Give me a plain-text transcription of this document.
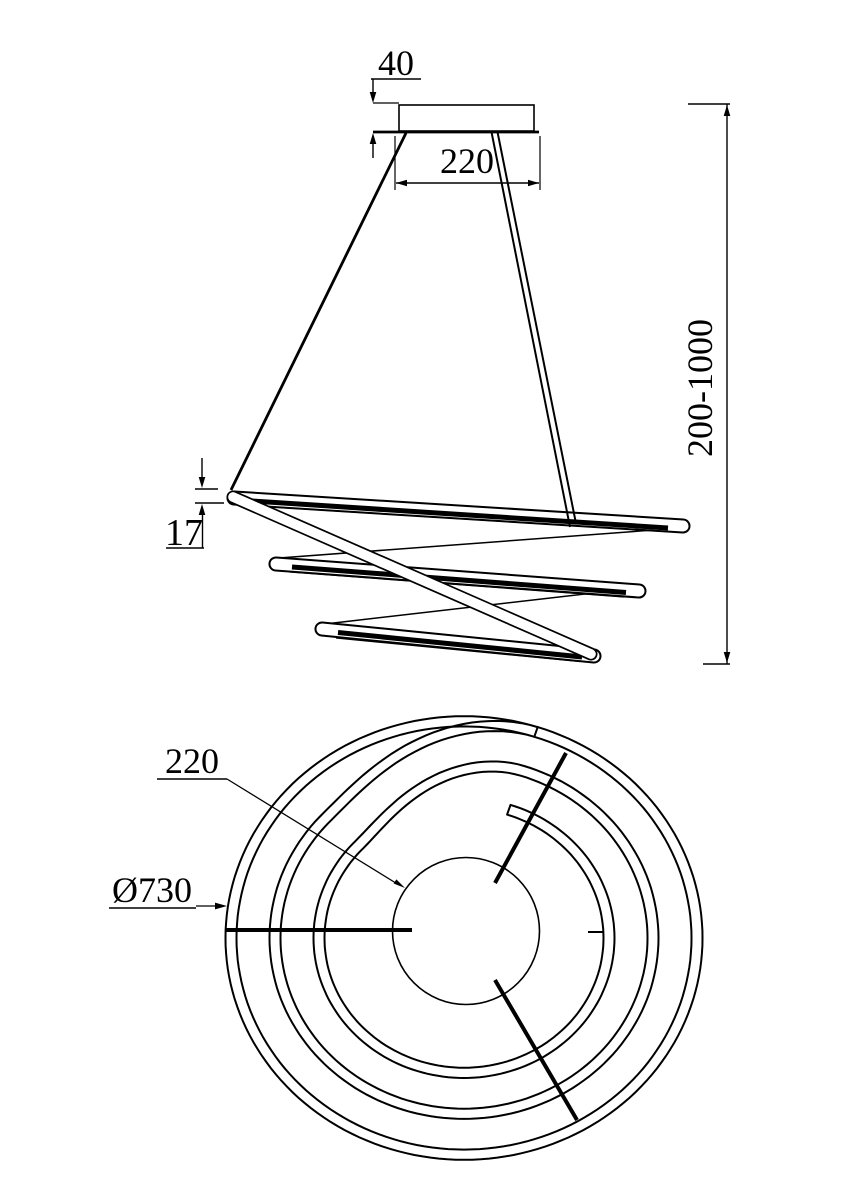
40
220
200-1000
17
220
Ø730
